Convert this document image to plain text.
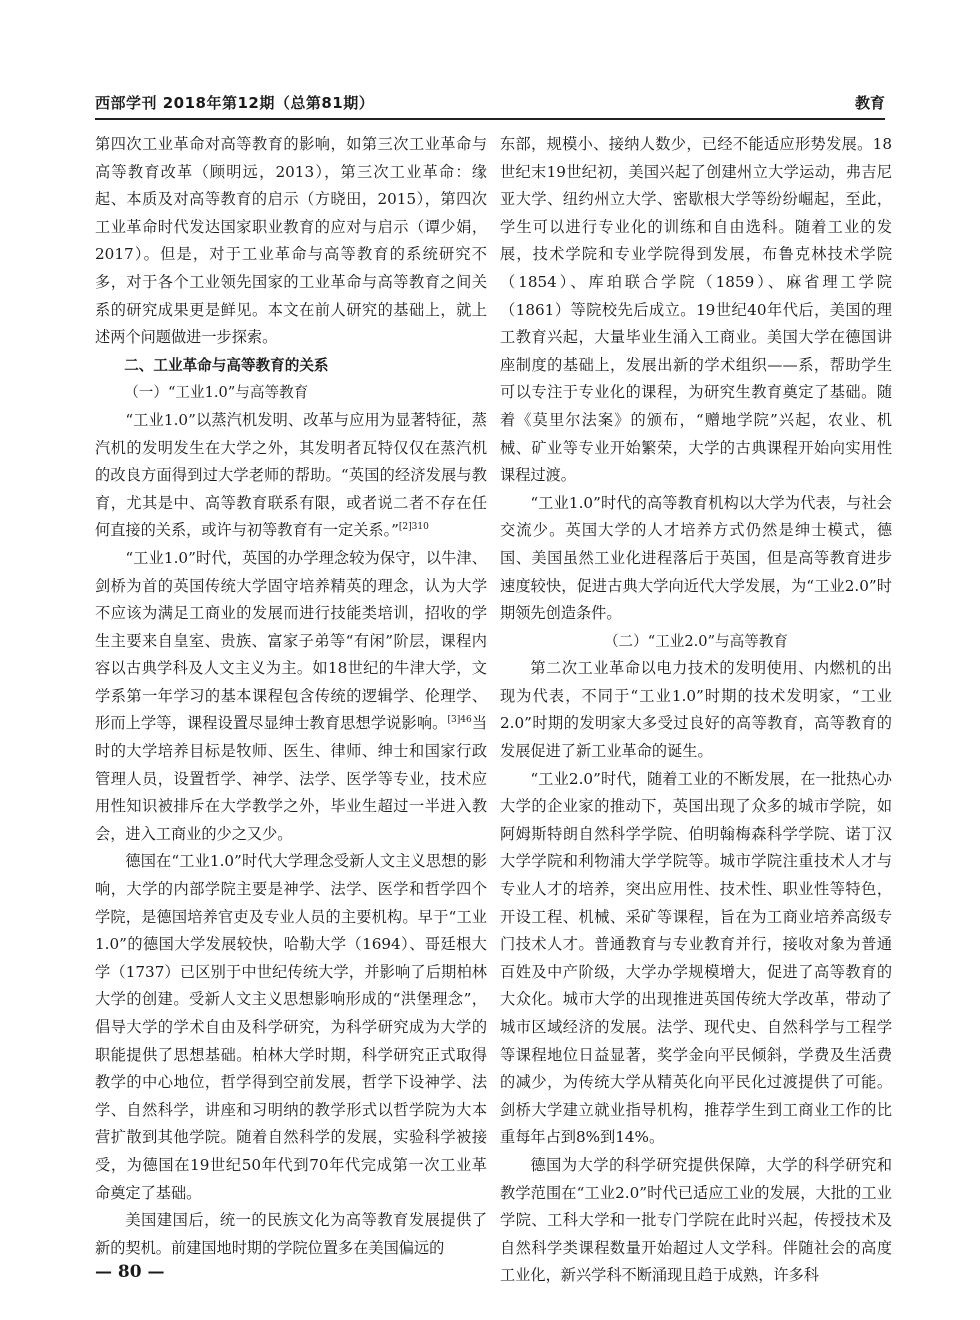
西部学刊 2018年第12期（总第81期）	教育

第四次工业革命对高等教育的影响，如第三次工业革命与高等教育改革（顾明远，2013），第三次工业革命：缘起、本质及对高等教育的启示（方晓田，2015），第四次工业革命时代发达国家职业教育的应对与启示（谭少娟，2017）。但是，对于工业革命与高等教育的系统研究不多，对于各个工业领先国家的工业革命与高等教育之间关系的研究成果更是鲜见。本文在前人研究的基础上，就上述两个问题做进一步探索。

二、工业革命与高等教育的关系

（一）“工业1.0”与高等教育

“工业1.0”以蒸汽机发明、改革与应用为显著特征，蒸汽机的发明发生在大学之外，其发明者瓦特仅仅在蒸汽机的改良方面得到过大学老师的帮助。“英国的经济发展与教育，尤其是中、高等教育联系有限，或者说二者不存在任何直接的关系，或许与初等教育有一定关系。”$^{[2]310}$

“工业1.0”时代，英国的办学理念较为保守，以牛津、剑桥为首的英国传统大学固守培养精英的理念，认为大学不应该为满足工商业的发展而进行技能类培训，招收的学生主要来自皇室、贵族、富家子弟等“有闲”阶层，课程内容以古典学科及人文主义为主。如18世纪的牛津大学，文学系第一年学习的基本课程包含传统的逻辑学、伦理学、形而上学等，课程设置尽显绅士教育思想学说影响。$^{[3]46}$当时的大学培养目标是牧师、医生、律师、绅士和国家行政管理人员，设置哲学、神学、法学、医学等专业，技术应用性知识被排斥在大学教学之外，毕业生超过一半进入教会，进入工商业的少之又少。

德国在“工业1.0”时代大学理念受新人文主义思想的影响，大学的内部学院主要是神学、法学、医学和哲学四个学院，是德国培养官吏及专业人员的主要机构。早于“工业1.0”的德国大学发展较快，哈勒大学（1694）、哥廷根大学（1737）已区别于中世纪传统大学，并影响了后期柏林大学的创建。受新人文主义思想影响形成的“洪堡理念”，倡导大学的学术自由及科学研究，为科学研究成为大学的职能提供了思想基础。柏林大学时期，科学研究正式取得教学的中心地位，哲学得到空前发展，哲学下设神学、法学、自然科学，讲座和习明纳的教学形式以哲学院为大本营扩散到其他学院。随着自然科学的发展，实验科学被接受，为德国在19世纪50年代到70年代完成第一次工业革命奠定了基础。

美国建国后，统一的民族文化为高等教育发展提供了新的契机。前建国地时期的学院位置多在美国偏远的

东部，规模小、接纳人数少，已经不能适应形势发展。18世纪末19世纪初，美国兴起了创建州立大学运动，弗吉尼亚大学、纽约州立大学、密歇根大学等纷纷崛起，至此，学生可以进行专业化的训练和自由选科。随着工业的发展，技术学院和专业学院得到发展，布鲁克林技术学院（1854）、库珀联合学院（1859）、麻省理工学院（1861）等院校先后成立。19世纪40年代后，美国的理工教育兴起，大量毕业生涌入工商业。美国大学在德国讲座制度的基础上，发展出新的学术组织——系，帮助学生可以专注于专业化的课程，为研究生教育奠定了基础。随着《莫里尔法案》的颁布，“赠地学院”兴起，农业、机械、矿业等专业开始繁荣，大学的古典课程开始向实用性课程过渡。

“工业1.0”时代的高等教育机构以大学为代表，与社会交流少。英国大学的人才培养方式仍然是绅士模式，德国、美国虽然工业化进程落后于英国，但是高等教育进步速度较快，促进古典大学向近代大学发展，为“工业2.0”时期领先创造条件。

（二）“工业2.0”与高等教育

第二次工业革命以电力技术的发明使用、内燃机的出现为代表，不同于“工业1.0”时期的技术发明家，“工业2.0”时期的发明家大多受过良好的高等教育，高等教育的发展促进了新工业革命的诞生。

“工业2.0”时代，随着工业的不断发展，在一批热心办大学的企业家的推动下，英国出现了众多的城市学院，如阿姆斯特朗自然科学学院、伯明翰梅森科学学院、诺丁汉大学学院和利物浦大学学院等。城市学院注重技术人才与专业人才的培养，突出应用性、技术性、职业性等特色，开设工程、机械、采矿等课程，旨在为工商业培养高级专门技术人才。普通教育与专业教育并行，接收对象为普通百姓及中产阶级，大学办学规模增大，促进了高等教育的大众化。城市大学的出现推进英国传统大学改革，带动了城市区域经济的发展。法学、现代史、自然科学与工程学等课程地位日益显著，奖学金向平民倾斜，学费及生活费的减少，为传统大学从精英化向平民化过渡提供了可能。剑桥大学建立就业指导机构，推荐学生到工商业工作的比重每年占到8%到14%。

德国为大学的科学研究提供保障，大学的科学研究和教学范围在“工业2.0”时代已适应工业的发展，大批的工业学院、工科大学和一批专门学院在此时兴起，传授技术及自然科学类课程数量开始超过人文学科。伴随社会的高度工业化，新兴学科不断涌现且趋于成熟，许多科

— 80 —
